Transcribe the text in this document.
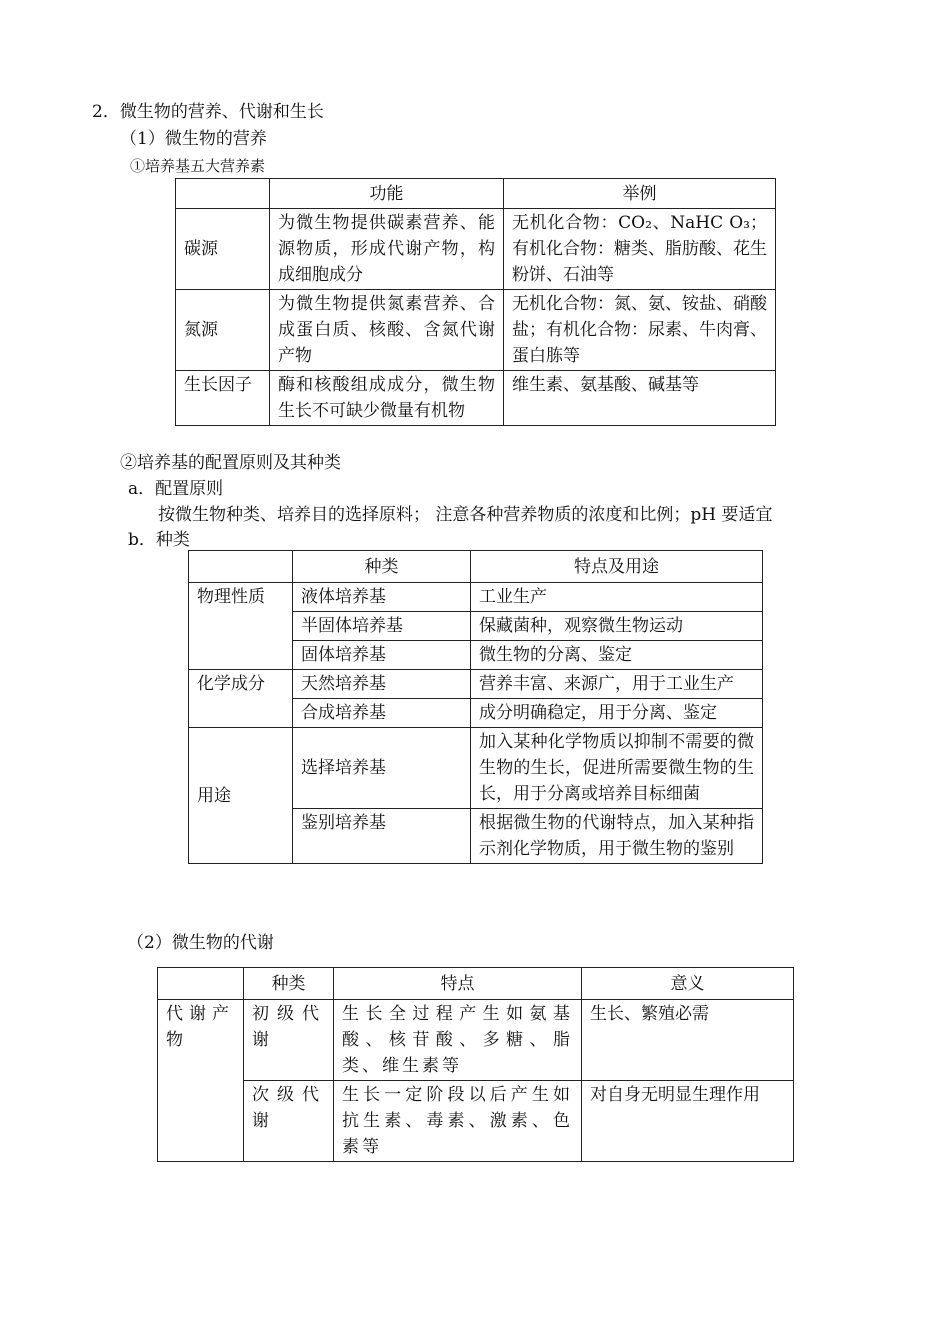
2．微生物的营养、代谢和生长
（1）微生物的营养
①培养基五大营养素
	功能	举例
碳源	为微生物提供碳素营养、能源物质，形成代谢产物，构成细胞成分	无机化合物：CO₂、NaHC O₃；有机化合物：糖类、脂肪酸、花生粉饼、石油等
氮源	为微生物提供氮素营养、合成蛋白质、核酸、含氮代谢产物	无机化合物：氮、氨、铵盐、硝酸盐；有机化合物：尿素、牛肉膏、蛋白胨等
生长因子	酶和核酸组成成分，微生物生长不可缺少微量有机物	维生素、氨基酸、碱基等
②培养基的配置原则及其种类
a．配置原则
按微生物种类、培养目的选择原料； 注意各种营养物质的浓度和比例；pH 要适宜
b．种类
	种类	特点及用途
物理性质	液体培养基	工业生产
	半固体培养基	保藏菌种，观察微生物运动
	固体培养基	微生物的分离、鉴定
化学成分	天然培养基	营养丰富、来源广，用于工业生产
	合成培养基	成分明确稳定，用于分离、鉴定
用途	选择培养基	加入某种化学物质以抑制不需要的微生物的生长，促进所需要微生物的生长，用于分离或培养目标细菌
	鉴别培养基	根据微生物的代谢特点，加入某种指示剂化学物质，用于微生物的鉴别
（2）微生物的代谢
	种类	特点	意义
代谢产物	初级代谢	生长全过程产生如氨基酸、核苷酸、多糖、脂类、维生素等	生长、繁殖必需
	次级代谢	生长一定阶段以后产生如抗生素、毒素、激素、色素等	对自身无明显生理作用
